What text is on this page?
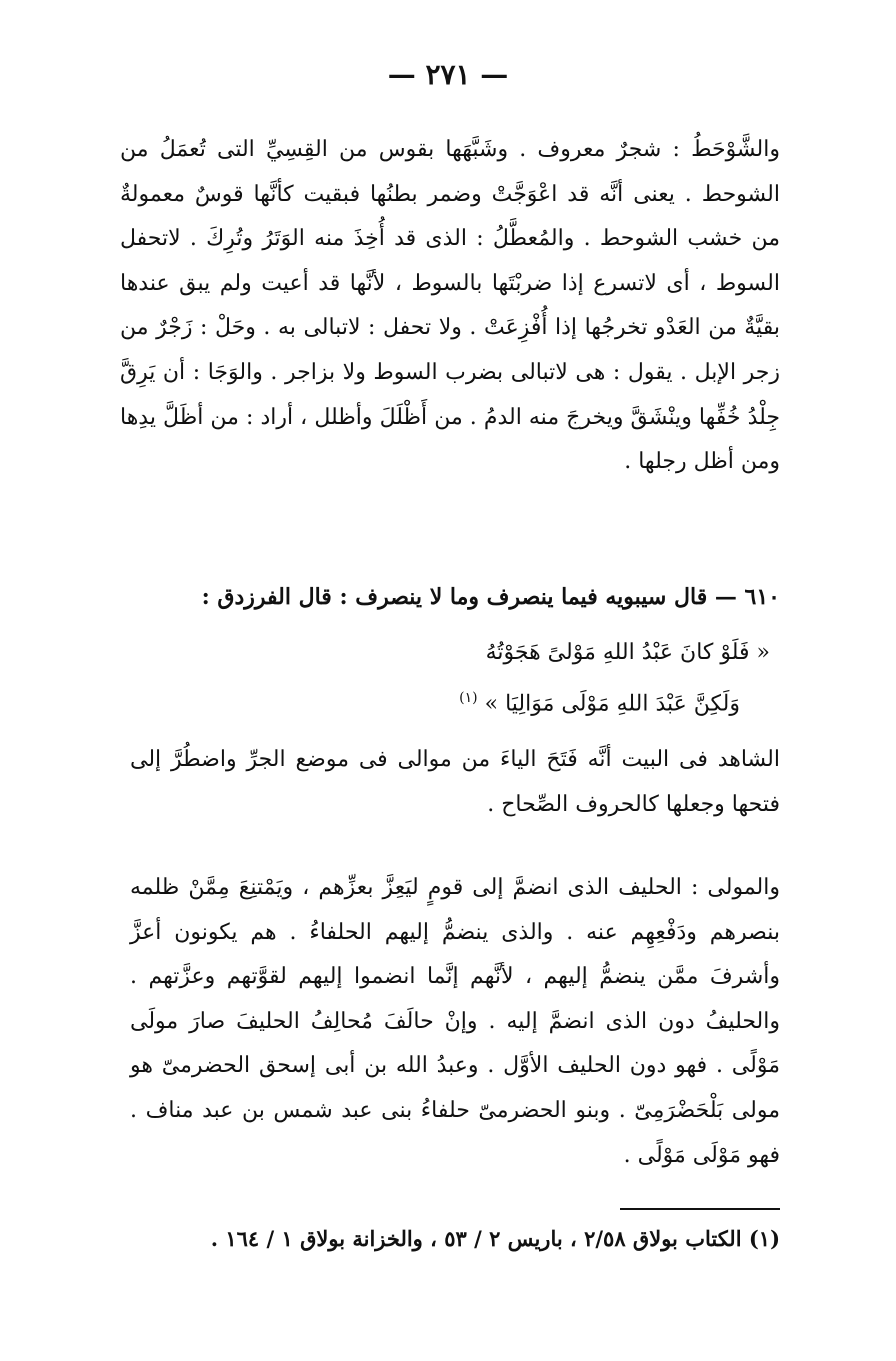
— ٢٧١ —

والشَّوْحَطُ : شجرٌ معروف . وشَبَّهَها بقوس من القِسِيِّ التى تُعمَلُ من الشوحط . يعنى أنَّه قد اعْوَجَّتْ وضمر بطنُها فبقيت كأنَّها قوسٌ معمولةٌ من خشب الشوحط . والمُعطَّلُ : الذى قد أُخِذَ منه الوَتَرُ وتُرِكَ . لاتحفل السوط ، أى لاتسرع إذا ضربْتَها بالسوط ، لأنَّها قد أعيت ولم يبق عندها بقيَّةٌ من العَدْو تخرجُها إذا أُفْزِعَتْ . ولا تحفل : لاتبالى به . وحَلْ : زَجْرٌ من زجر الإبل . يقول : هى لاتبالى بضرب السوط ولا بزاجر . والوَجَا : أن يَرِقَّ جِلْدُ خُفِّها وينْشَقَّ ويخرجَ منه الدمُ . من أَظْلَلَ وأظلل ، أراد : من أظَلَّ يدِها ومن أظل رجلها .

٦١٠ — قال سيبويه فيما ينصرف وما لا ينصرف : قال الفرزدق :
« فَلَوْ كانَ عَبْدُ اللهِ مَوْلىً هَجَوْتُهُ
وَلَكِنَّ عَبْدَ اللهِ مَوْلَى مَوَالِيَا » $^{(١)}$
الشاهد فى البيت أنَّه فَتَحَ الياءَ من موالى فى موضع الجرِّ واضطُرَّ إلى فتحها وجعلها كالحروف الصِّحاح .
والمولى : الحليف الذى انضمَّ إلى قومٍ ليَعِزَّ بعزِّهم ، ويَمْتنِعَ مِمَّنْ ظلمه بنصرهم ودَفْعِهِم عنه . والذى ينضمُّ إليهم الحلفاءُ . هم يكونون أعزَّ وأشرفَ ممَّن ينضمُّ إليهم ، لأنَّهم إنَّما انضموا إليهم لقوَّتهم وعزَّتهم . والحليفُ دون الذى انضمَّ إليه . وإنْ حالَفَ مُحالِفُ الحليفَ صارَ مولَى مَوْلًى . فهو دون الحليف الأوَّل . وعبدُ الله بن أبى إسحق الحضرمىّ هو مولى بَلْحَضْرَمِىّ . وبنو الحضرمىّ حلفاءُ بنى عبد شمس بن عبد مناف . فهو مَوْلَى مَوْلًى .
(١) الكتاب بولاق ٢/٥٨ ، باريس ٢ / ٥٣ ، والخزانة بولاق ١ / ١٦٤ .
